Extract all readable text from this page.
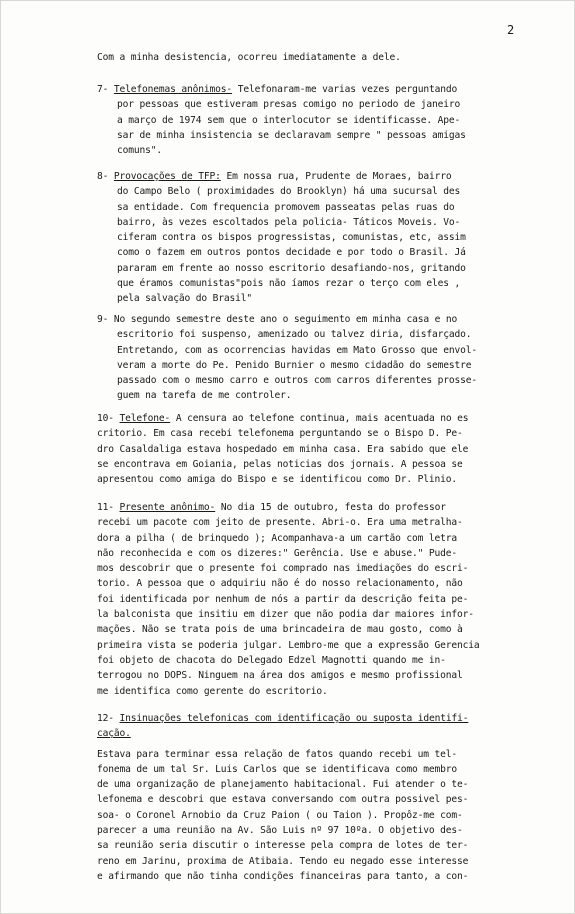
2
Com a minha desistencia, ocorreu imediatamente a dele.
7- Telefonemas anônimos- Telefonaram-me varias vezes perguntando
por pessoas que estiveram presas comigo no periodo de janeiro
a março de 1974 sem que o interlocutor se identificasse. Ape-
sar de minha insistencia se declaravam sempre " pessoas amigas
comuns".
8- Provocações de TFP: Em nossa rua, Prudente de Moraes, bairro
do Campo Belo ( proximidades do Brooklyn) há uma sucursal des
sa entidade. Com frequencia promovem passeatas pelas ruas do
bairro, às vezes escoltados pela policia- Táticos Moveis. Vo-
ciferam contra os bispos progressistas, comunistas, etc, assim
como o fazem em outros pontos decidade e por todo o Brasil. Já
pararam em frente ao nosso escritorio desafiando-nos, gritando
que éramos comunistas"pois não íamos rezar o terço com eles ,
pela salvação do Brasil"
9- No segundo semestre deste ano o seguimento em minha casa e no
escritorio foi suspenso, amenizado ou talvez diria, disfarçado.
Entretando, com as ocorrencias havidas em Mato Grosso que envol-
veram a morte do Pe. Penido Burnier o mesmo cidadão do semestre
passado com o mesmo carro e outros com carros diferentes prosse-
guem na tarefa de me controler.
10- Telefone- A censura ao telefone continua, mais acentuada no es
critorio. Em casa recebi telefonema perguntando se o Bispo D. Pe-
dro Casaldaliga estava hospedado em minha casa. Era sabido que ele
se encontrava em Goiania, pelas noticias dos jornais. A pessoa se
apresentou como amiga do Bispo e se identificou como Dr. Plinio.
11- Presente anônimo- No dia 15 de outubro, festa do professor
recebi um pacote com jeito de presente. Abri-o. Era uma metralha-
dora a pilha ( de brinquedo ); Acompanhava-a um cartão com letra
não reconhecida e com os dizeres:" Gerência. Use e abuse." Pude-
mos descobrir que o presente foi comprado nas imediações do escri-
torio. A pessoa que o adquiriu não é do nosso relacionamento, não
foi identificada por nenhum de nós a partir da descrição feita pe-
la balconista que insitiu em dizer que não podia dar maiores infor-
mações. Não se trata pois de uma brincadeira de mau gosto, como à
primeira vista se poderia julgar. Lembro-me que a expressão Gerencia
foi objeto de chacota do Delegado Edzel Magnotti quando me in-
terrogou no DOPS. Ninguem na área dos amigos e mesmo profissional
me identifica como gerente do escritorio.
12- Insinuações telefonicas com identificação ou suposta identifi-
cação.
Estava para terminar essa relação de fatos quando recebi um tel-
fonema de um tal Sr. Luis Carlos que se identificava como membro
de uma organização de planejamento habitacional. Fui atender o te-
lefonema e descobri que estava conversando com outra possivel pes-
soa- o Coronel Arnobio da Cruz Paion ( ou Taion ). Propôz-me com-
parecer a uma reunião na Av. São Luis nº 97 10ºa. O objetivo des-
sa reunião seria discutir o interesse pela compra de lotes de ter-
reno em Jarinu, proxima de Atibaia. Tendo eu negado esse interesse
e afirmando que não tinha condições financeiras para tanto, a con-
